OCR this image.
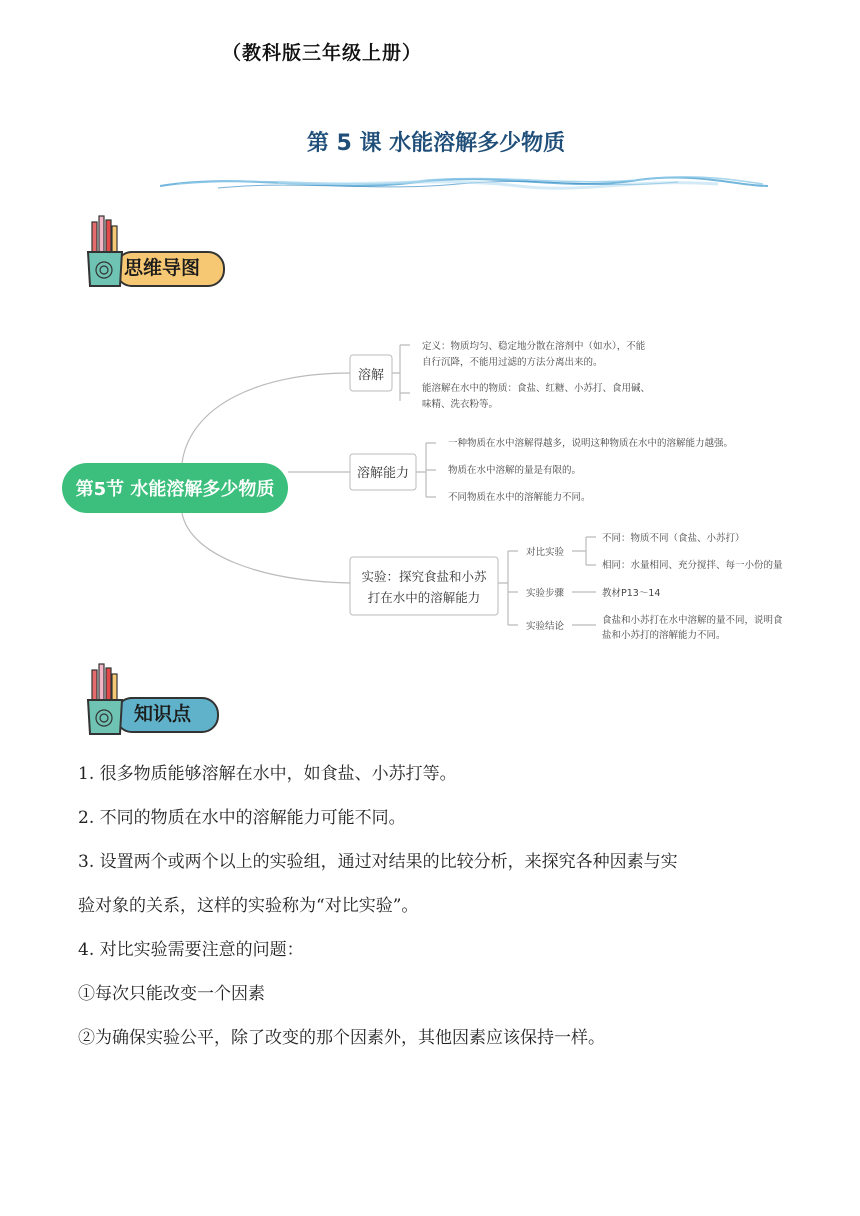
（教科版三年级上册）
第 5 课 水能溶解多少物质
思维导图
第5节 水能溶解多少物质
溶解
定义：物质均匀、稳定地分散在溶剂中（如水），不能
自行沉降，不能用过滤的方法分离出来的。
能溶解在水中的物质：食盐、红糖、小苏打、食用碱、
味精、洗衣粉等。
溶解能力
一种物质在水中溶解得越多，说明这种物质在水中的溶解能力越强。
物质在水中溶解的量是有限的。
不同物质在水中的溶解能力不同。
实验：探究食盐和小苏
打在水中的溶解能力
对比实验
不同：物质不同（食盐、小苏打）
相同：水量相同、充分搅拌、每一小份的量
实验步骤	教材P13～14
实验结论
食盐和小苏打在水中溶解的量不同，说明食
盐和小苏打的溶解能力不同。
知识点

1. 很多物质能够溶解在水中，如食盐、小苏打等。

2. 不同的物质在水中的溶解能力可能不同。

3. 设置两个或两个以上的实验组，通过对结果的比较分析，来探究各种因素与实

验对象的关系，这样的实验称为“对比实验”。

4. 对比实验需要注意的问题：

①每次只能改变一个因素

②为确保实验公平，除了改变的那个因素外，其他因素应该保持一样。
